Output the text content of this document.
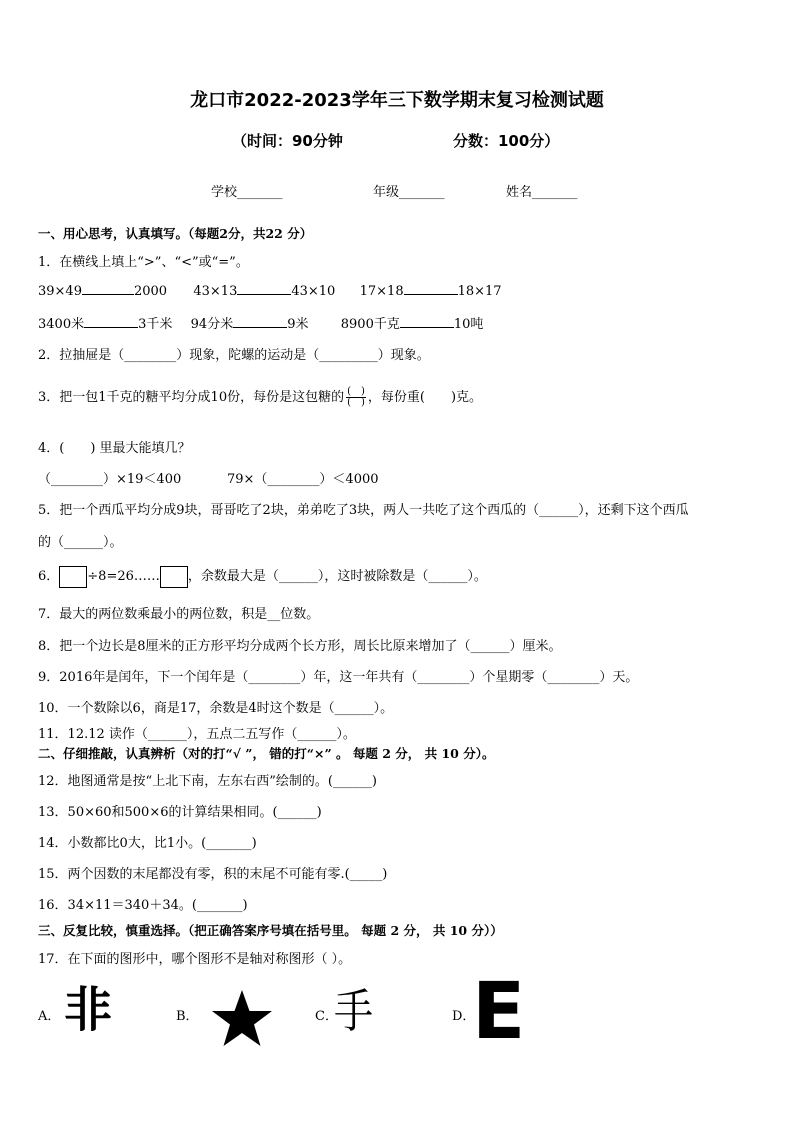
龙口市2022-2023学年三下数学期末复习检测试题
（时间：90分钟	分数：100分）
学校_______	年级_______	姓名_______
一、用心思考，认真填写。（每题2分，共22 分）
1．在横线上填上“>”、“<”或“=”。
39×49	2000 43×13	43×10 17×18	18×17
3400米	3千米 94分米	9米 8900千克	10吨
2．拉抽屉是（________）现象，陀螺的运动是（_________）现象。
3．把一包1千克的糖平均分成10份，每份是这包糖的 $\frac{( )}{( )}$ ，每份重(　　)克。
4．(　　) 里最大能填几？
（________）×19＜400	79×（________）＜4000
5．把一个西瓜平均分成9块，哥哥吃了2块，弟弟吃了3块，两人一共吃了这个西瓜的（______），还剩下这个西瓜
的（______）。
6． ÷8=26…… ，余数最大是（______），这时被除数是（______）。
7．最大的两位数乘最小的两位数，积是__位数。
8．把一个边长是8厘米的正方形平均分成两个长方形，周长比原来增加了（______）厘米。
9．2016年是闰年，下一个闰年是（________）年，这一年共有（________）个星期零（________）天。
10．一个数除以6，商是17，余数是4时这个数是（______）。
11．12.12 读作（______），五点二五写作（______）。
二、仔细推敲，认真辨析（对的打“√ ”， 错的打“×” 。 每题 2 分， 共 10 分）。
12．地图通常是按“上北下南，左东右西”绘制的。(______)
13．50×60和500×6的计算结果相同。(______)
14．小数都比0大，比1小。(_______)
15．两个因数的末尾都没有零，积的末尾不可能有零.(_____)
16．34×11＝340＋34。(_______)
三、反复比较，慎重选择。（把正确答案序号填在括号里。 每题 2 分， 共 10 分））
17．在下面的图形中，哪个图形不是轴对称图形（ ）。
A． 非	B．	C．
手	D．
E
